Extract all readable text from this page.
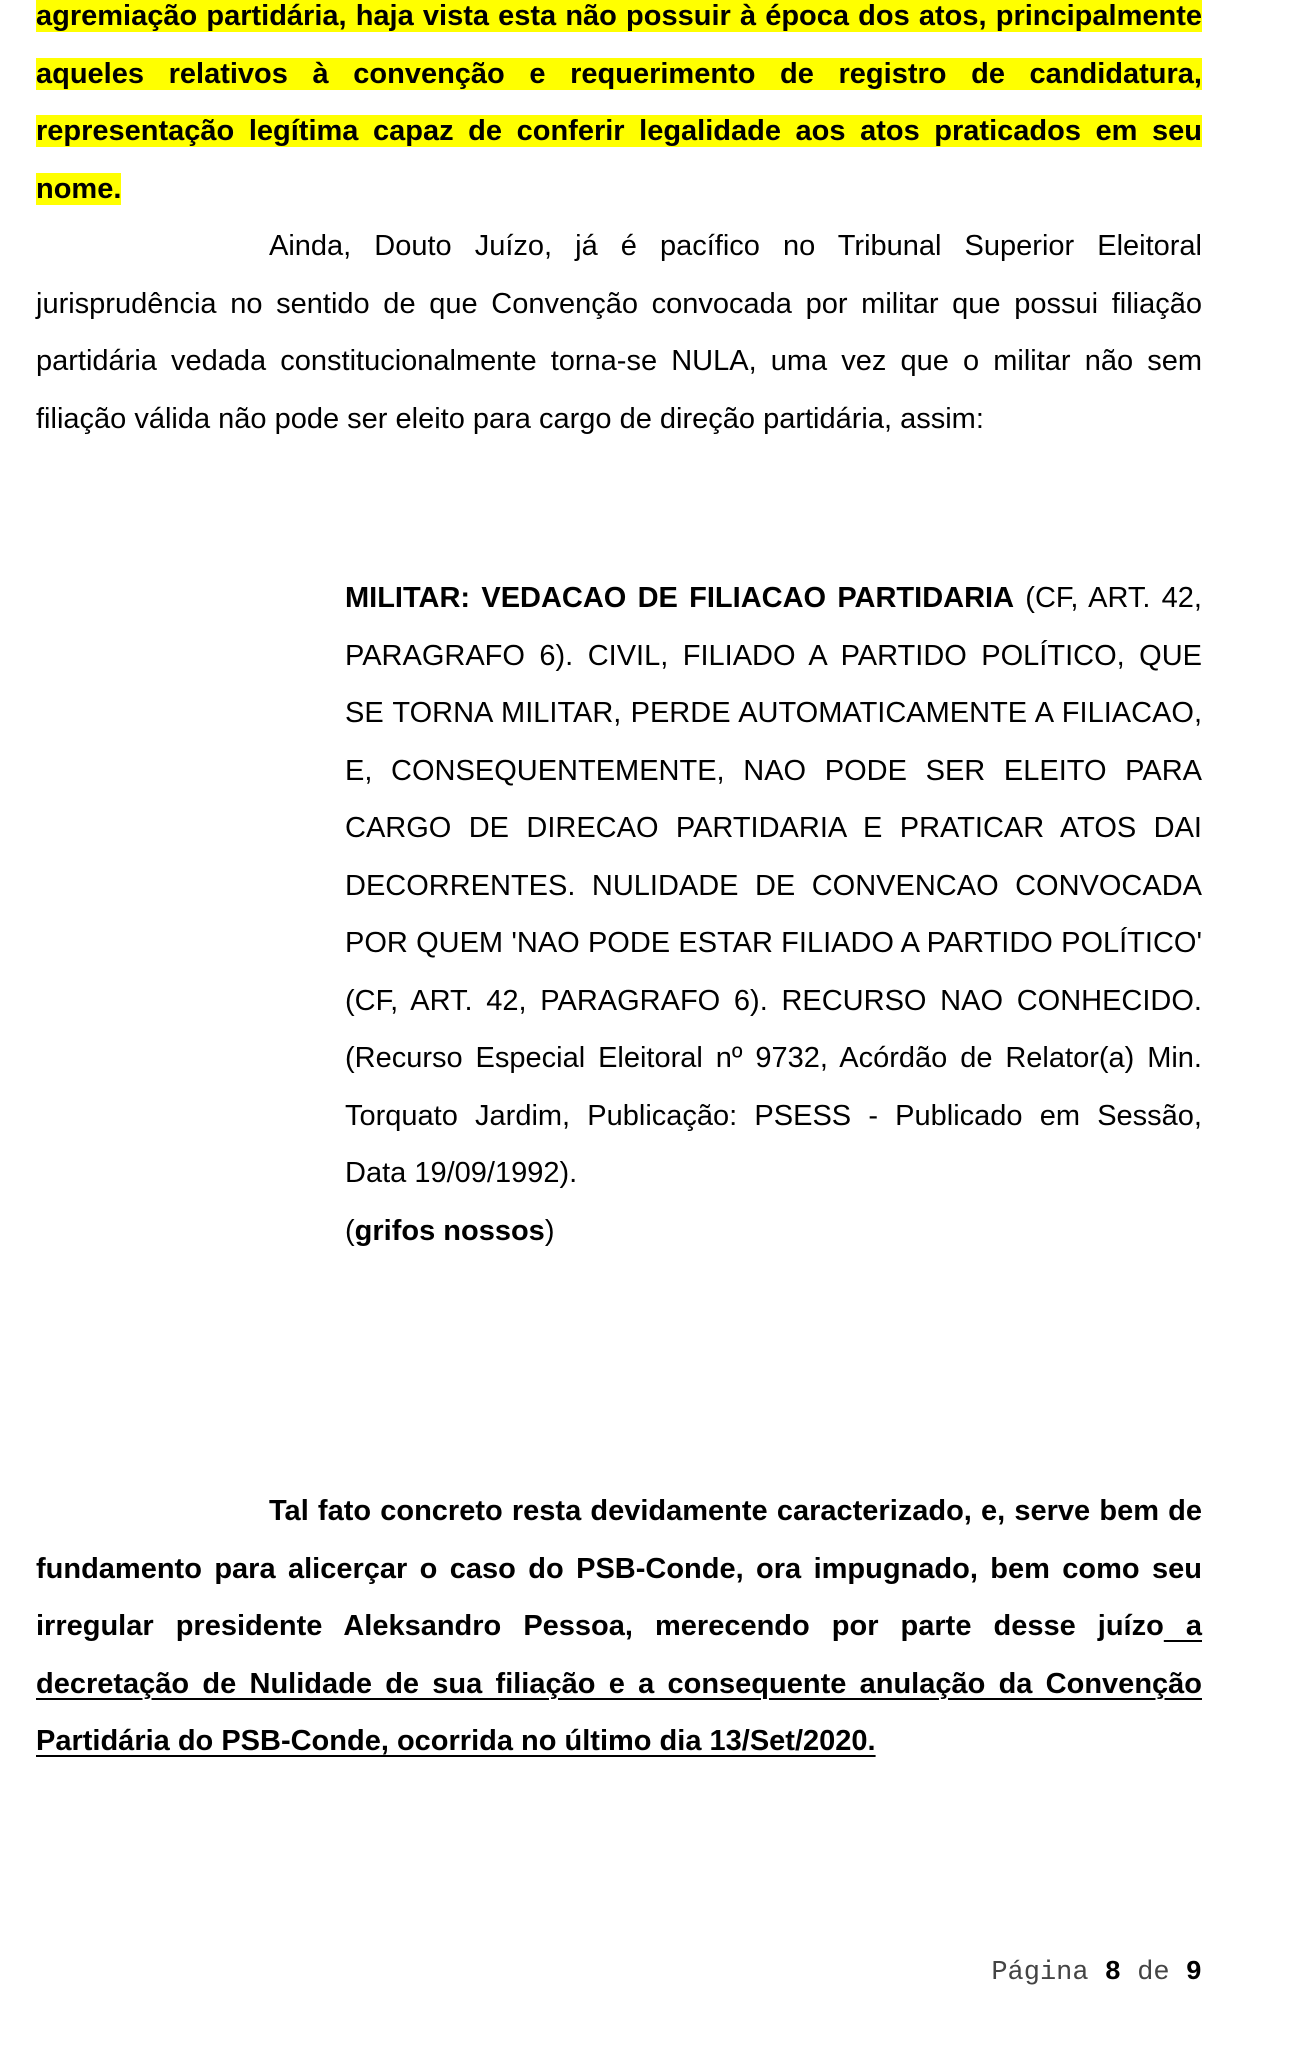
agremiação partidária, haja vista esta não possuir à época dos atos, principalmente aqueles relativos à convenção e requerimento de registro de candidatura, representação legítima capaz de conferir legalidade aos atos praticados em seu nome.

Ainda, Douto Juízo, já é pacífico no Tribunal Superior Eleitoral jurisprudência no sentido de que Convenção convocada por militar que possui filiação partidária vedada constitucionalmente torna-se NULA, uma vez que o militar não sem filiação válida não pode ser eleito para cargo de direção partidária, assim:

MILITAR: VEDACAO DE FILIACAO PARTIDARIA (CF, ART. 42, PARAGRAFO 6). CIVIL, FILIADO A PARTIDO POLÍTICO, QUE SE TORNA MILITAR, PERDE AUTOMATICAMENTE A FILIACAO, E, CONSEQUENTEMENTE, NAO PODE SER ELEITO PARA CARGO DE DIRECAO PARTIDARIA E PRATICAR ATOS DAI DECORRENTES. NULIDADE DE CONVENCAO CONVOCADA POR QUEM 'NAO PODE ESTAR FILIADO A PARTIDO POLÍTICO' (CF, ART. 42, PARAGRAFO 6). RECURSO NAO CONHECIDO. (Recurso Especial Eleitoral nº 9732, Acórdão de Relator(a) Min. Torquato Jardim, Publicação: PSESS - Publicado em Sessão, Data 19/09/1992).
(grifos nossos)

Tal fato concreto resta devidamente caracterizado, e, serve bem de fundamento para alicerçar o caso do PSB-Conde, ora impugnado, bem como seu irregular presidente Aleksandro Pessoa, merecendo por parte desse juízo a decretação de Nulidade de sua filiação e a consequente anulação da Convenção Partidária do PSB-Conde, ocorrida no último dia 13/Set/2020.

Página 8 de 9
